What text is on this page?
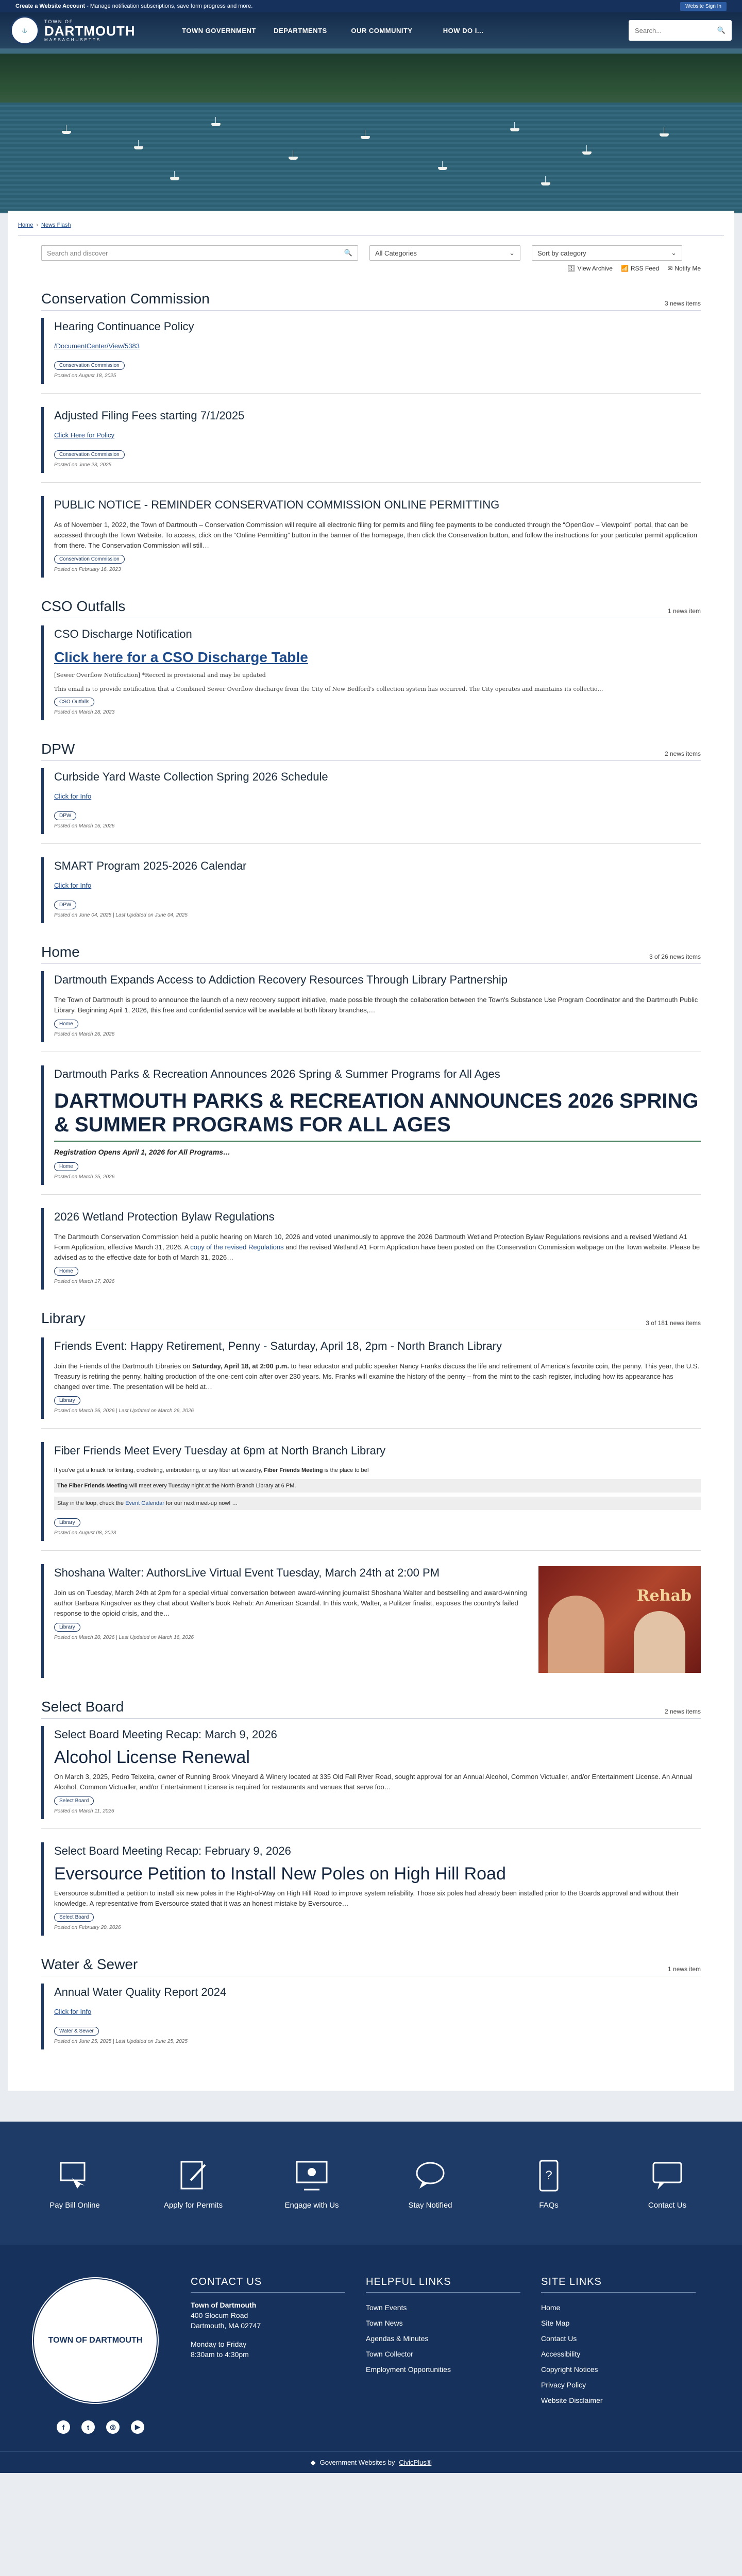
Create a Website Account - Manage notification subscriptions, save form progress and more.	Website Sign In
⚓
TOWN OF
DARTMOUTH
MASSACHUSETTS
TOWN GOVERNMENT	DEPARTMENTS	OUR COMMUNITY	HOW DO I...	Search...	🔍
Home › News Flash
Search and discover	🔍	All Categories	⌄	Sort by category	⌄
🗄 View Archive 📶 RSS Feed ✉ Notify Me
Conservation Commission	3 news items
Hearing Continuance Policy
/DocumentCenter/View/5383
Conservation Commission
Posted on August 18, 2025
Adjusted Filing Fees starting 7/1/2025
Click Here for Policy
Conservation Commission
Posted on June 23, 2025
PUBLIC NOTICE - REMINDER CONSERVATION COMMISSION ONLINE PERMITTING
As of November 1, 2022, the Town of Dartmouth – Conservation Commission will require all electronic filing for permits and filing fee payments to be conducted through the “OpenGov – Viewpoint” portal, that can be accessed through the Town Website. To access, click on the “Online Permitting” button in the banner of the homepage, then click the Conservation button, and follow the instructions for your particular permit application from there. The Conservation Commission will still…
Conservation Commission
Posted on February 16, 2023
CSO Outfalls	1 news item
CSO Discharge Notification
Click here for a CSO Discharge Table
[Sewer Overflow Notification] *Record is provisional and may be updated
This email is to provide notification that a Combined Sewer Overflow discharge from the City of New Bedford's collection system has occurred. The City operates and maintains its collectio…
CSO Outfalls
Posted on March 28, 2023
DPW	2 news items
Curbside Yard Waste Collection Spring 2026 Schedule
Click for Info
DPW
Posted on March 16, 2026
SMART Program 2025-2026 Calendar
Click for Info
DPW
Posted on June 04, 2025 | Last Updated on June 04, 2025
Home	3 of 26 news items
Dartmouth Expands Access to Addiction Recovery Resources Through Library Partnership
The Town of Dartmouth is proud to announce the launch of a new recovery support initiative, made possible through the collaboration between the Town's Substance Use Program Coordinator and the Dartmouth Public Library. Beginning April 1, 2026, this free and confidential service will be available at both library branches,…
Home
Posted on March 26, 2026
Dartmouth Parks & Recreation Announces 2026 Spring & Summer Programs for All Ages
DARTMOUTH PARKS & RECREATION ANNOUNCES 2026 SPRING & SUMMER PROGRAMS FOR ALL AGES
Registration Opens April 1, 2026 for All Programs…
Home
Posted on March 25, 2026
2026 Wetland Protection Bylaw Regulations
The Dartmouth Conservation Commission held a public hearing on March 10, 2026 and voted unanimously to approve the 2026 Dartmouth Wetland Protection Bylaw Regulations revisions and a revised Wetland A1 Form Application, effective March 31, 2026. A copy of the revised Regulations and the revised Wetland A1 Form Application have been posted on the Conservation Commission webpage on the Town website. Please be advised as to the effective date for both of March 31, 2026…
Home
Posted on March 17, 2026
Library	3 of 181 news items
Friends Event: Happy Retirement, Penny - Saturday, April 18, 2pm - North Branch Library
Join the Friends of the Dartmouth Libraries on Saturday, April 18, at 2:00 p.m. to hear educator and public speaker Nancy Franks discuss the life and retirement of America's favorite coin, the penny. This year, the U.S. Treasury is retiring the penny, halting production of the one-cent coin after over 230 years. Ms. Franks will examine the history of the penny – from the mint to the cash register, including how its appearance has changed over time. The presentation will be held at…
Library
Posted on March 26, 2026 | Last Updated on March 26, 2026
Fiber Friends Meet Every Tuesday at 6pm at North Branch Library
If you've got a knack for knitting, crocheting, embroidering, or any fiber art wizardry, Fiber Friends Meeting is the place to be!
The Fiber Friends Meeting will meet every Tuesday night at the North Branch Library at 6 PM.
Stay in the loop, check the Event Calendar for our next meet-up now! …
Library
Posted on August 08, 2023
Shoshana Walter: AuthorsLive Virtual Event Tuesday, March 24th at 2:00 PM
Join us on Tuesday, March 24th at 2pm for a special virtual conversation between award-winning journalist Shoshana Walter and bestselling and award-winning author Barbara Kingsolver as they chat about Walter's book Rehab: An American Scandal. In this work, Walter, a Pulitzer finalist, exposes the country's failed response to the opioid crisis, and the…
Library
Posted on March 20, 2026 | Last Updated on March 16, 2026
Rehab
Select Board	2 news items
Select Board Meeting Recap: March 9, 2026
Alcohol License Renewal
On March 3, 2025, Pedro Teixeira, owner of Running Brook Vineyard & Winery located at 335 Old Fall River Road, sought approval for an Annual Alcohol, Common Victualler, and/or Entertainment License. An Annual Alcohol, Common Victualler, and/or Entertainment License is required for restaurants and venues that serve foo…
Select Board
Posted on March 11, 2026
Select Board Meeting Recap: February 9, 2026
Eversource Petition to Install New Poles on High Hill Road
Eversource submitted a petition to install six new poles in the Right-of-Way on High Hill Road to improve system reliability. Those six poles had already been installed prior to the Boards approval and without their knowledge. A representative from Eversource stated that it was an honest mistake by Eversource…
Select Board
Posted on February 20, 2026
Water & Sewer	1 news item
Annual Water Quality Report 2024
Click for Info
Water & Sewer
Posted on June 25, 2025 | Last Updated on June 25, 2025
Pay Bill Online	Apply for Permits	Engage with Us	Stay Notified
?
FAQs	Contact Us
TOWN OF DARTMOUTH
f	t	◎	▶
CONTACT US

Town of Dartmouth
400 Slocum Road
Dartmouth, MA 02747

Monday to Friday
8:30am to 4:30pm

HELPFUL LINKS
Town Events
Town News
Agendas & Minutes
Town Collector
Employment Opportunities
SITE LINKS
Home
Site Map
Contact Us
Accessibility
Copyright Notices
Privacy Policy
Website Disclaimer
◆ Government Websites by CivicPlus®
